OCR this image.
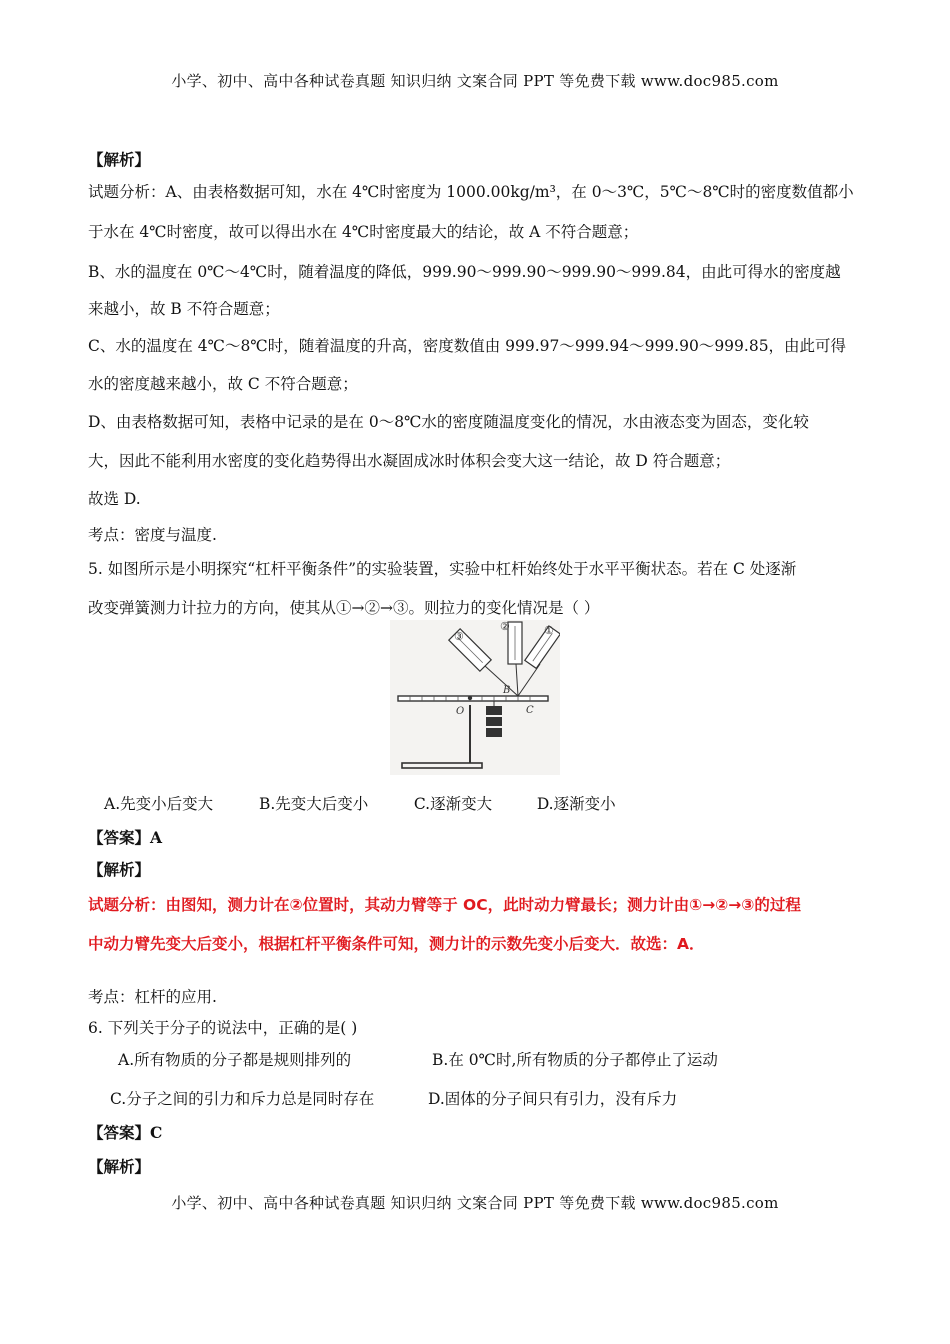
小学、初中、高中各种试卷真题 知识归纳 文案合同 PPT 等免费下载 www.doc985.com
【解析】
试题分析：A、由表格数据可知，水在 4℃时密度为 1000.00kg/m³，在 0～3℃，5℃～8℃时的密度数值都小
于水在 4℃时密度，故可以得出水在 4℃时密度最大的结论，故 A 不符合题意；
B、水的温度在 0℃～4℃时，随着温度的降低，999.90～999.90～999.90～999.84，由此可得水的密度越
来越小，故 B 不符合题意；
C、水的温度在 4℃～8℃时，随着温度的升高，密度数值由 999.97～999.94～999.90～999.85，由此可得
水的密度越来越小，故 C 不符合题意；
D、由表格数据可知，表格中记录的是在 0～8℃水的密度随温度变化的情况，水由液态变为固态，变化较
大，因此不能利用水密度的变化趋势得出水凝固成冰时体积会变大这一结论，故 D 符合题意；
故选 D.
考点：密度与温度.
5. 如图所示是小明探究“杠杆平衡条件”的实验装置，实验中杠杆始终处于水平平衡状态。若在 C 处逐渐
改变弹簧测力计拉力的方向，使其从①→②→③。则拉力的变化情况是（ ）
O
B
C
③
②	①
A.先变小后变大	B.先变大后变小	C.逐渐变大	D.逐渐变小
【答案】A
【解析】
试题分析：由图知，测力计在②位置时，其动力臂等于 OC，此时动力臂最长；测力计由①→②→③的过程
中动力臂先变大后变小，根据杠杆平衡条件可知，测力计的示数先变小后变大．故选：A．
考点：杠杆的应用.
6. 下列关于分子的说法中，正确的是( )
A.所有物质的分子都是规则排列的	B.在 0℃时,所有物质的分子都停止了运动
C.分子之间的引力和斥力总是同时存在	D.固体的分子间只有引力，没有斥力
【答案】C
【解析】
小学、初中、高中各种试卷真题 知识归纳 文案合同 PPT 等免费下载 www.doc985.com
